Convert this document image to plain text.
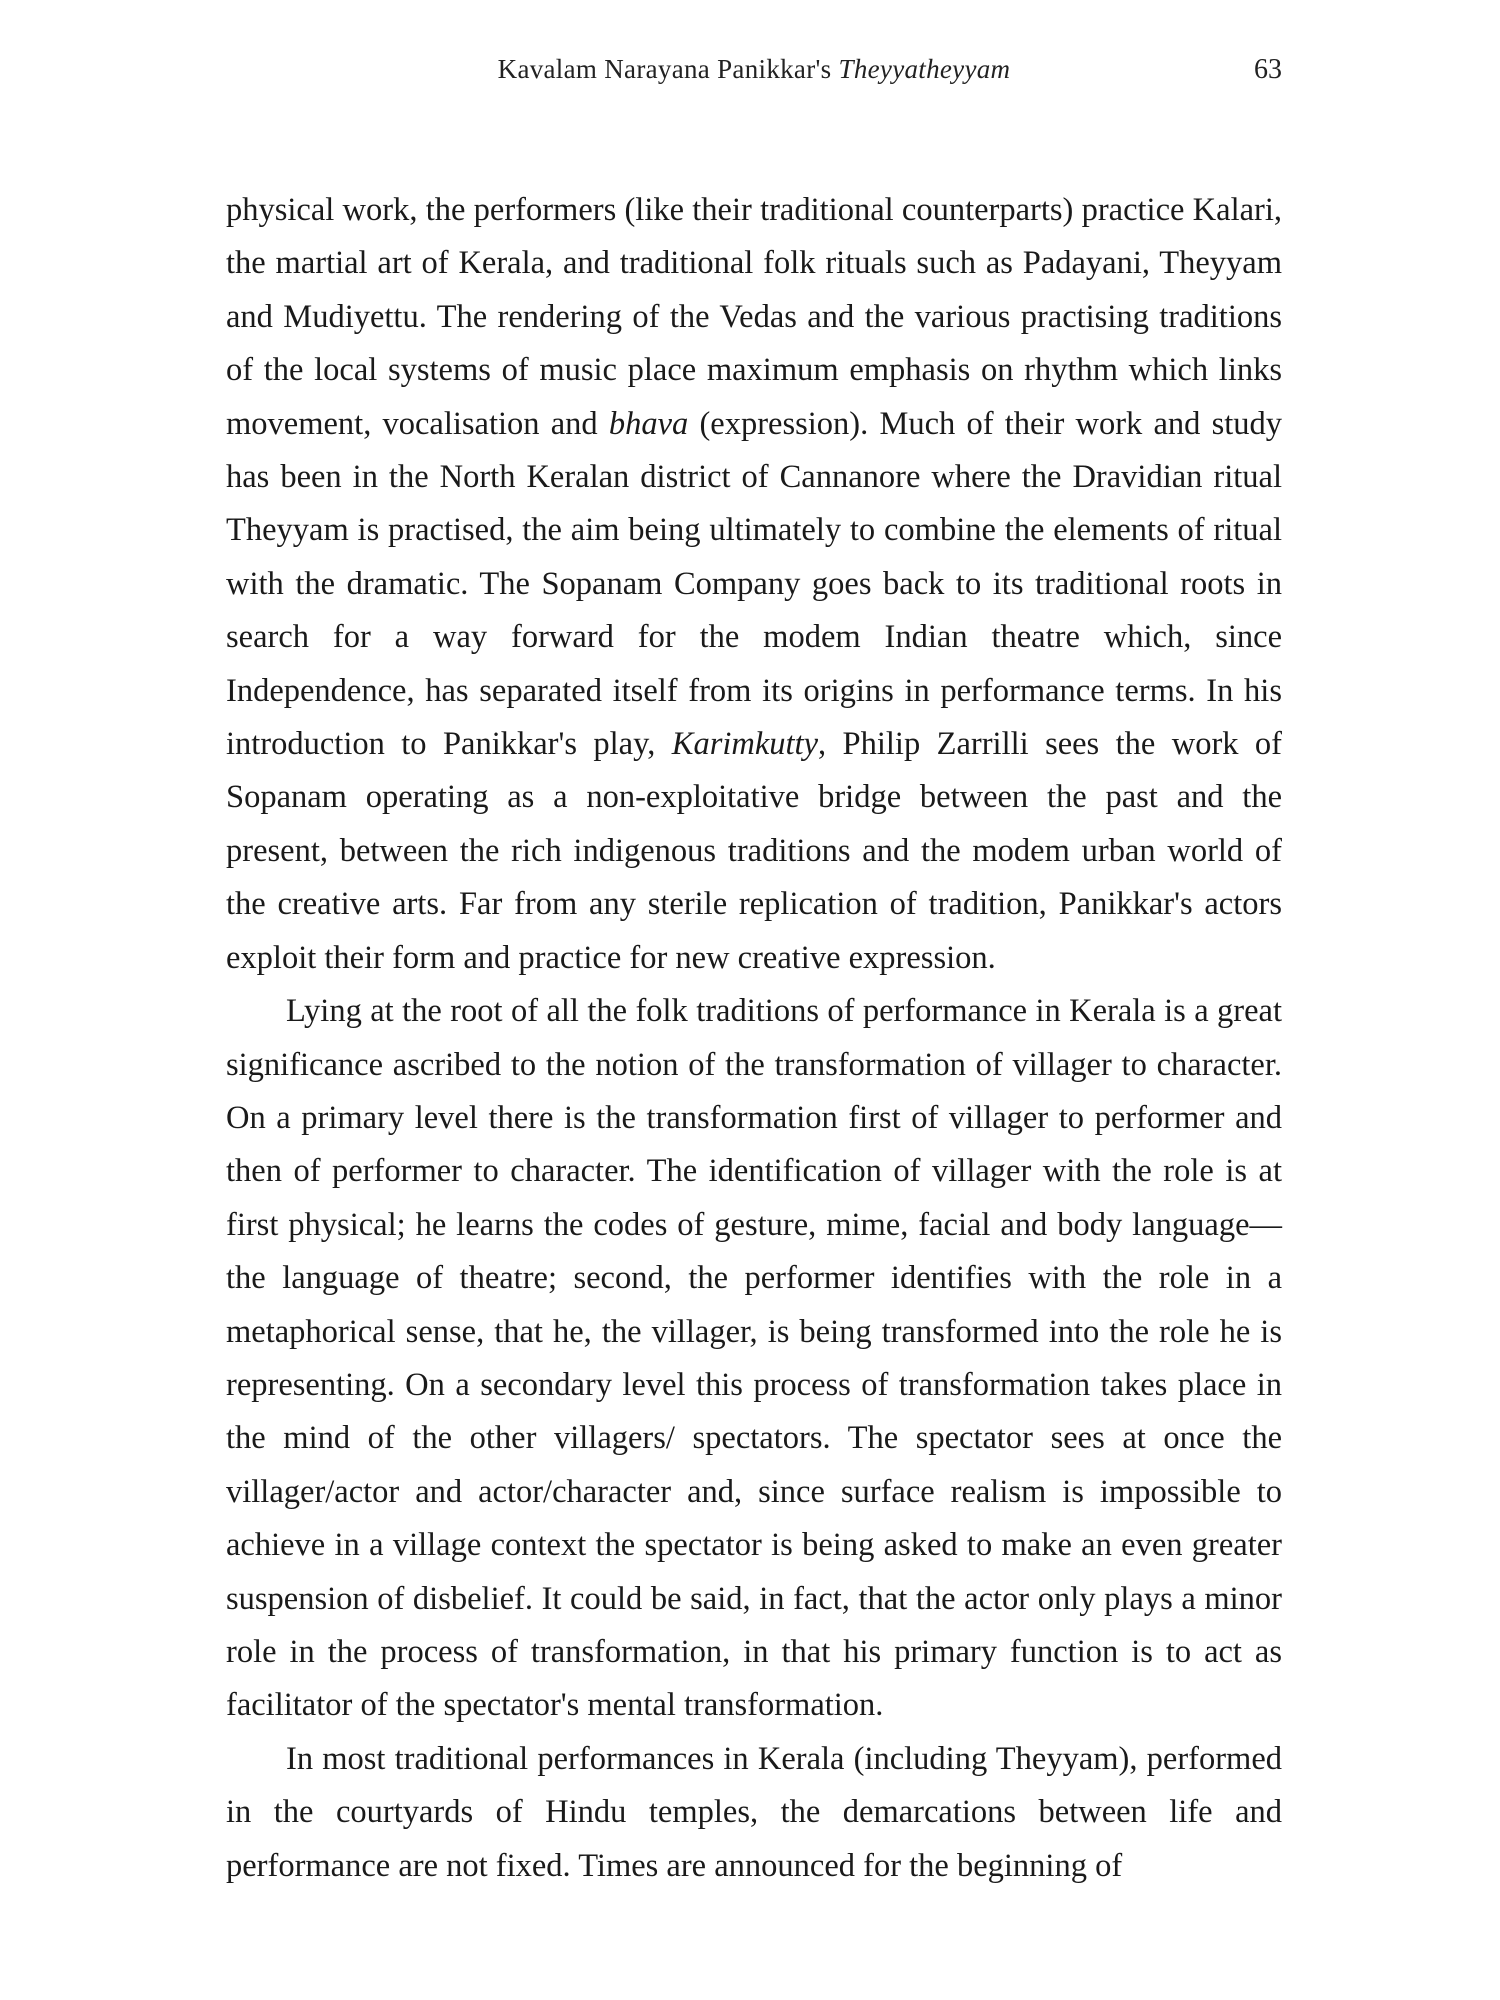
Kavalam Narayana Panikkar's Theyyatheyyam	63

physical work, the performers (like their traditional counterparts) practice Kalari, the martial art of Kerala, and traditional folk rituals such as Padayani, Theyyam and Mudiyettu. The rendering of the Vedas and the various practising traditions of the local systems of music place maximum emphasis on rhythm which links movement, vocalisation and bhava (expression). Much of their work and study has been in the North Keralan district of Cannanore where the Dravidian ritual Theyyam is practised, the aim being ultimately to combine the elements of ritual with the dramatic. The Sopanam Company goes back to its traditional roots in search for a way forward for the modem Indian theatre which, since Independence, has separated itself from its origins in performance terms. In his introduction to Panikkar's play, Karimkutty, Philip Zarrilli sees the work of Sopanam operating as a non-exploitative bridge between the past and the present, between the rich indigenous traditions and the modem urban world of the creative arts. Far from any sterile replication of tradition, Panikkar's actors exploit their form and practice for new creative expression.

Lying at the root of all the folk traditions of performance in Kerala is a great significance ascribed to the notion of the transformation of villager to character. On a primary level there is the transformation first of villager to performer and then of performer to character. The identification of villager with the role is at first physical; he learns the codes of gesture, mime, facial and body language—the language of theatre; second, the performer identifies with the role in a metaphorical sense, that he, the villager, is being transformed into the role he is representing. On a secondary level this process of transformation takes place in the mind of the other villagers/ spectators. The spectator sees at once the villager/actor and actor/character and, since surface realism is impossible to achieve in a village context the spectator is being asked to make an even greater suspension of disbelief. It could be said, in fact, that the actor only plays a minor role in the process of transformation, in that his primary function is to act as facilitator of the spectator's mental transformation.

In most traditional performances in Kerala (including Theyyam), performed in the courtyards of Hindu temples, the demarcations between life and performance are not fixed. Times are announced for the beginning of
